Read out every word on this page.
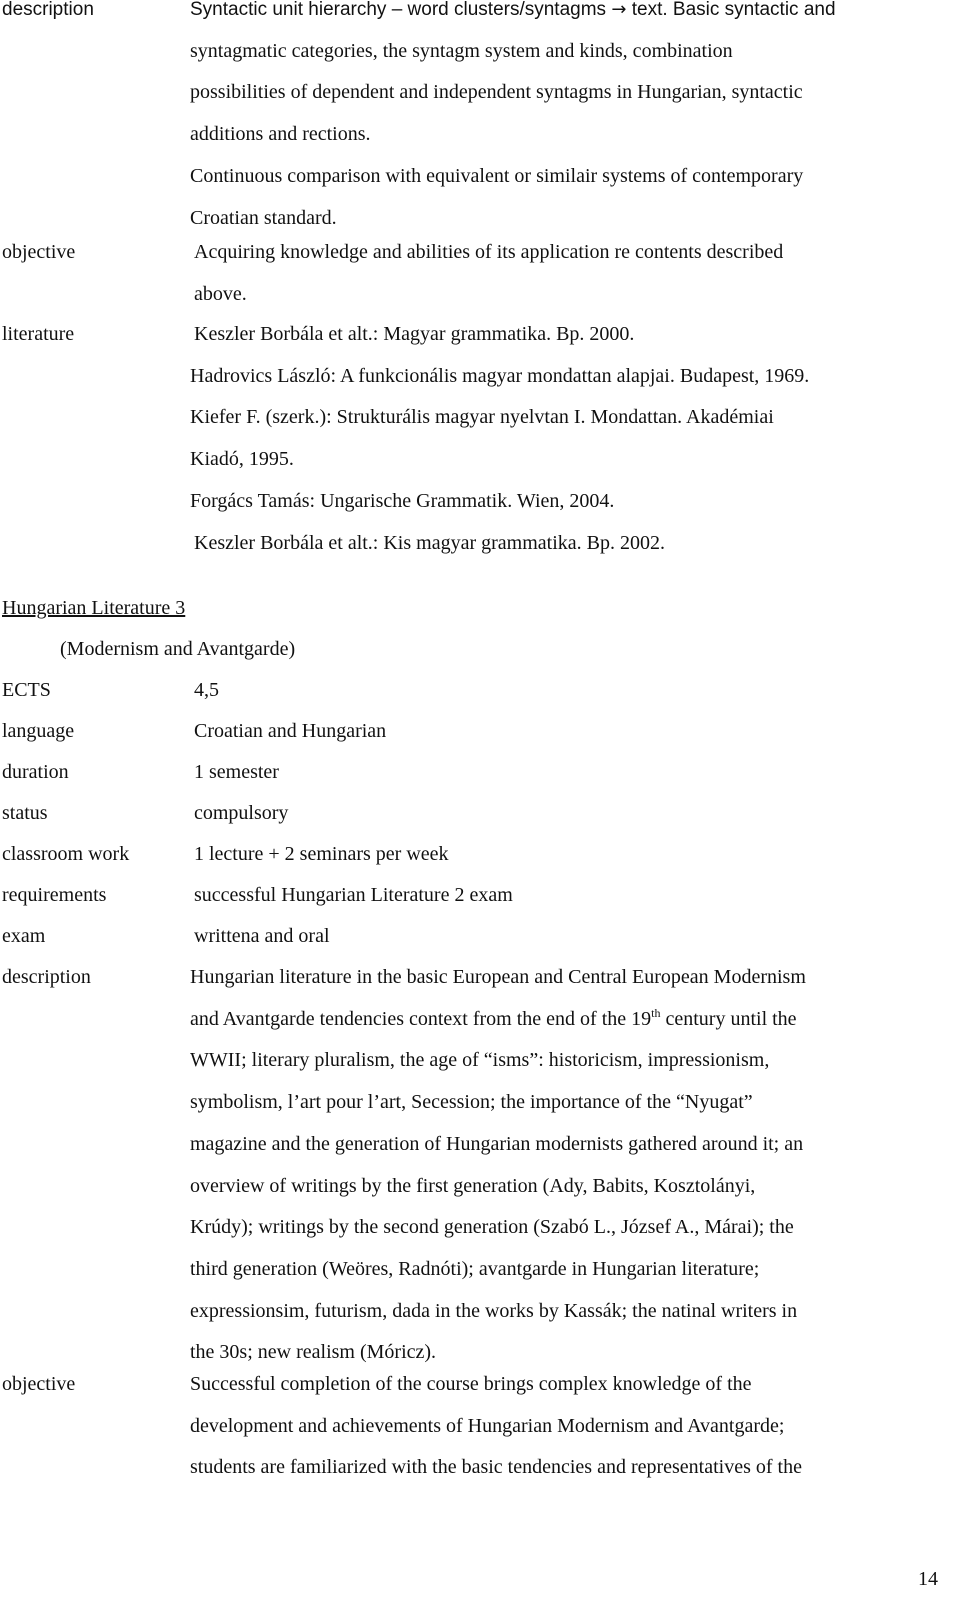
description	Syntactic unit hierarchy – word clusters/syntagms → text. Basic syntactic and
syntagmatic categories, the syntagm system and kinds, combination
possibilities of dependent and independent syntagms in Hungarian, syntactic
additions and rections.
Continuous comparison with equivalent or similair systems of contemporary
Croatian standard.
objective	Acquiring knowledge and abilities of its application re contents described
above.
literature	Keszler Borbála et alt.: Magyar grammatika. Bp. 2000.
Hadrovics László: A funkcionális magyar mondattan alapjai. Budapest, 1969.
Kiefer F. (szerk.): Strukturális magyar nyelvtan I. Mondattan. Akadémiai
Kiadó, 1995.
Forgács Tamás: Ungarische Grammatik. Wien, 2004.
Keszler Borbála et alt.: Kis magyar grammatika. Bp. 2002.
Hungarian Literature 3
(Modernism and Avantgarde)
ECTS	4,5
language	Croatian and Hungarian
duration	1 semester
status	compulsory
classroom work	1 lecture + 2 seminars per week
requirements	successful Hungarian Literature 2 exam
exam	writtena and oral
description	Hungarian literature in the basic European and Central European Modernism
and Avantgarde tendencies context from the end of the 19th century until the
WWII; literary pluralism, the age of “isms”: historicism, impressionism,
symbolism, l’art pour l’art, Secession; the importance of the “Nyugat”
magazine and the generation of Hungarian modernists gathered around it; an
overview of writings by the first generation (Ady, Babits, Kosztolányi,
Krúdy); writings by the second generation (Szabó L., József A., Márai); the
third generation (Weöres, Radnóti); avantgarde in Hungarian literature;
expressionsim, futurism, dada in the works by Kassák; the natinal writers in
the 30s; new realism (Móricz).
objective	Successful completion of the course brings complex knowledge of the
development and achievements of Hungarian Modernism and Avantgarde;
students are familiarized with the basic tendencies and representatives of the
14
